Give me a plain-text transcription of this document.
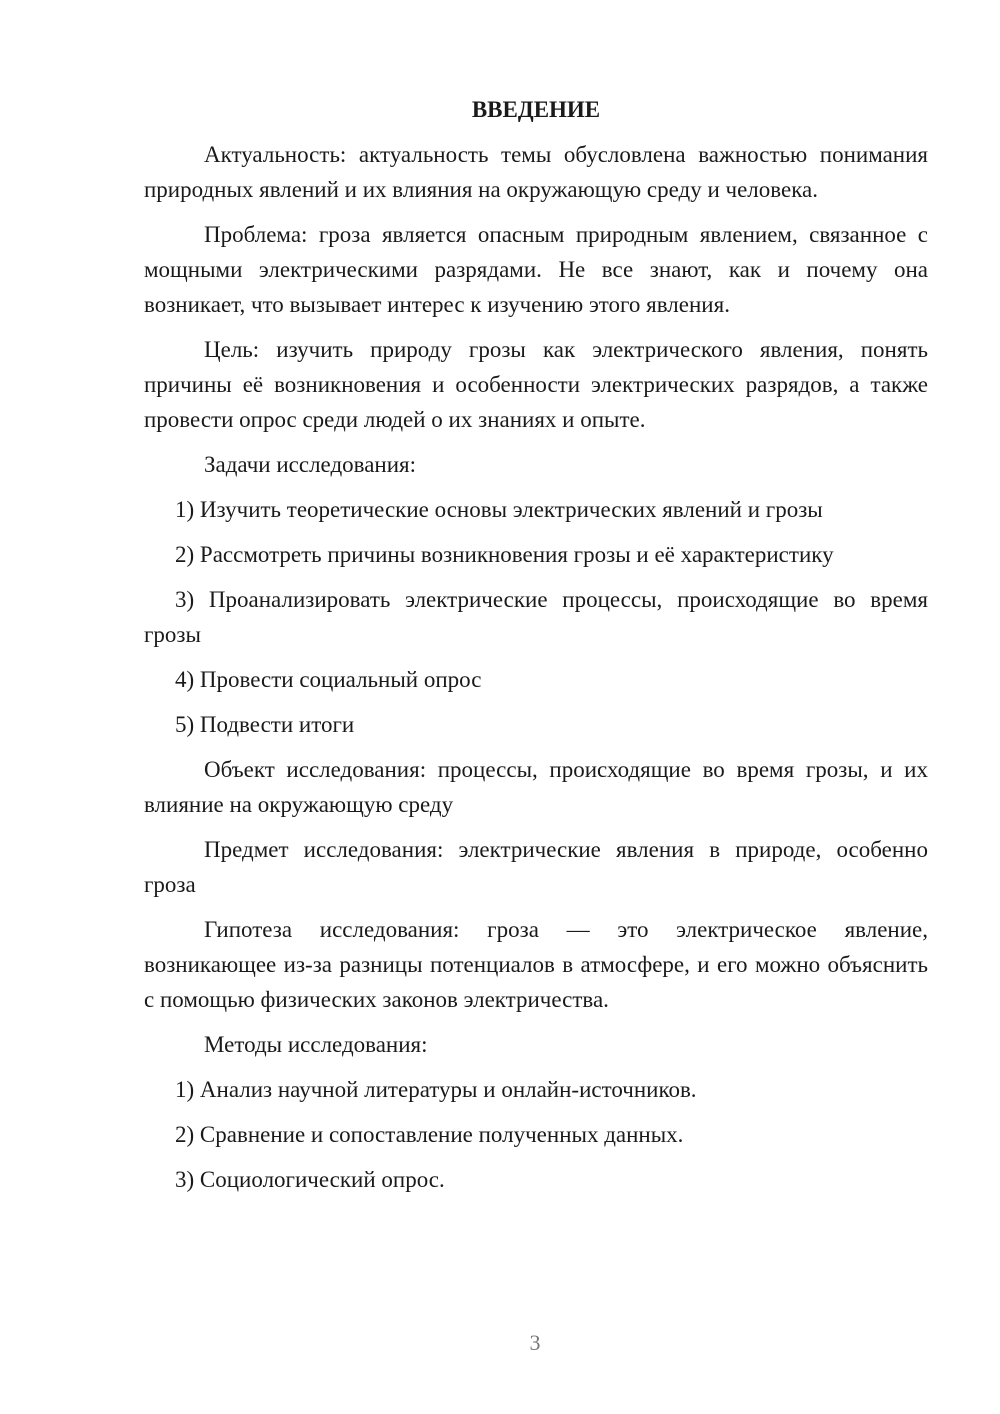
ВВЕДЕНИЕ

Актуальность: актуальность темы обусловлена важностью понимания природных явлений и их влияния на окружающую среду и человека.

Проблема: гроза является опасным природным явлением, связанное с мощными электрическими разрядами. Не все знают, как и почему она возникает, что вызывает интерес к изучению этого явления.

Цель: изучить природу грозы как электрического явления, понять причины её возникновения и особенности электрических разрядов, а также провести опрос среди людей о их знаниях и опыте.

Задачи исследования:

1) Изучить теоретические основы электрических явлений и грозы

2) Рассмотреть причины возникновения грозы и её характеристику

3) Проанализировать электрические процессы, происходящие во время грозы

4) Провести социальный опрос

5) Подвести итоги

Объект исследования: процессы, происходящие во время грозы, и их влияние на окружающую среду

Предмет исследования: электрические явления в природе, особенно гроза

Гипотеза исследования: гроза — это электрическое явление, возникающее из-за разницы потенциалов в атмосфере, и его можно объяснить с помощью физических законов электричества.

Методы исследования:

1) Анализ научной литературы и онлайн-источников.

2) Сравнение и сопоставление полученных данных.

3) Социологический опрос.

3
